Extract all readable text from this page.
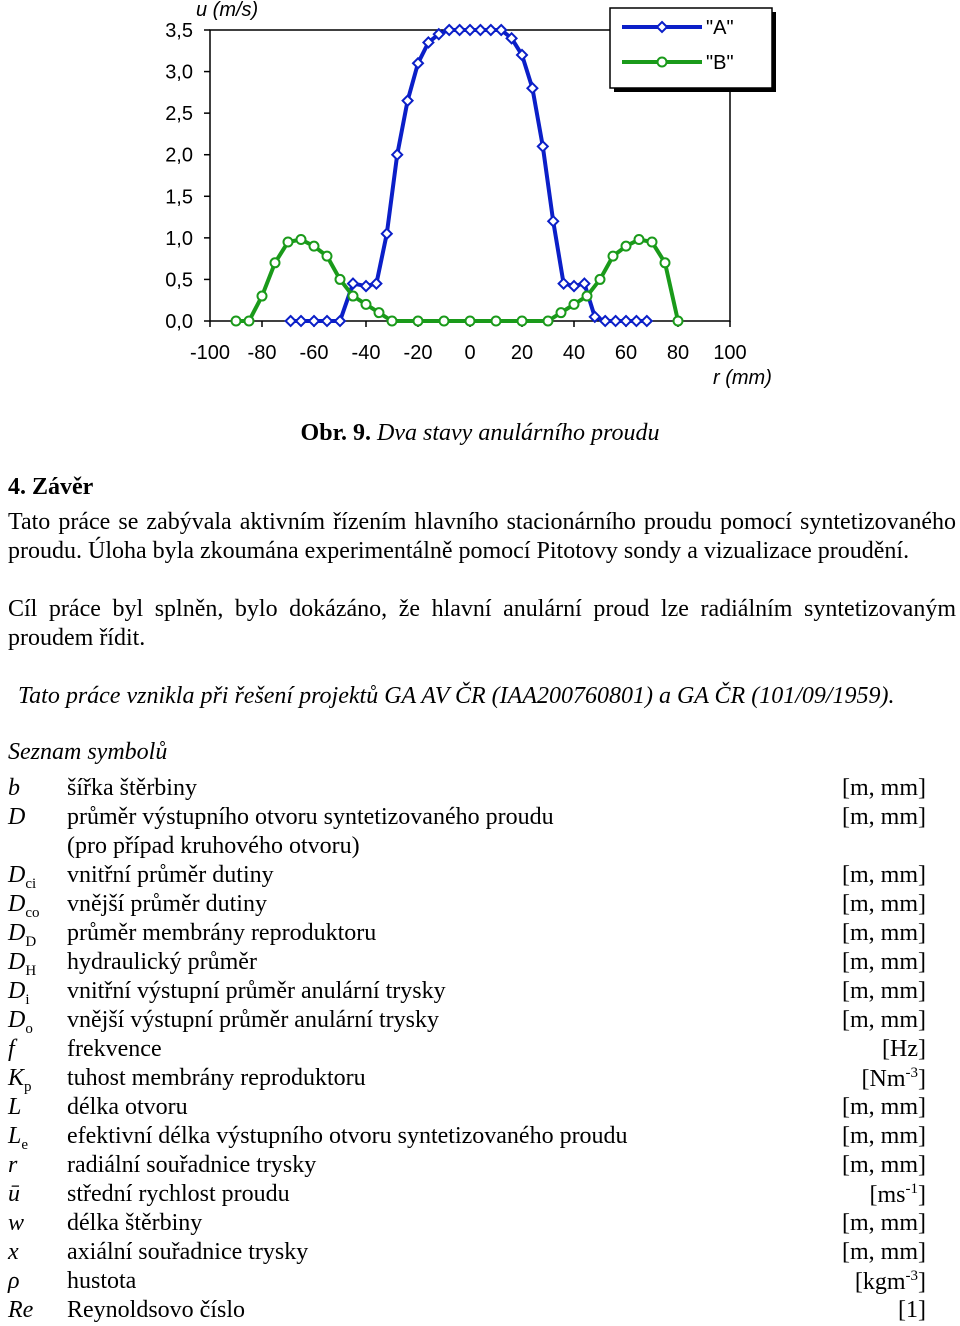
0,0
0,5
1,0
1,5
2,0
2,5
3,0
3,5
-100 -80 -60 -40 -20 0 20 40 60 80 100
u (m/s)
r (mm)
"A"
"B"
Obr. 9. Dva stavy anulárního proudu
4. Závěr
Tato práce se zabývala aktivním řízením hlavního stacionárního proudu pomocí syntetizovaného proudu. Úloha byla zkoumána experimentálně pomocí Pitotovy sondy a vizualizace proudění.
Cíl práce byl splněn, bylo dokázáno, že hlavní anulární proud lze radiálním syntetizovaným proudem řídit.
Tato práce vznikla při řešení projektů GA AV ČR (IAA200760801) a GA ČR (101/09/1959).
Seznam symbolů
b šířka štěrbiny	[m, mm]
D průměr výstupního otvoru syntetizovaného proudu	[m, mm]
(pro případ kruhového otvoru)
$D_{ci}$ vnitřní průměr dutiny	[m, mm]
$D_{co}$ vnější průměr dutiny	[m, mm]
$D_D$ průměr membrány reproduktoru	[m, mm]
$D_H$ hydraulický průměr	[m, mm]
$D_i$ vnitřní výstupní průměr anulární trysky	[m, mm]
$D_o$ vnější výstupní průměr anulární trysky	[m, mm]
f frekvence	[Hz]
$K_p$ tuhost membrány reproduktoru	$[Nm^{-3}]$
L délka otvoru	[m, mm]
$L_e$ efektivní délka výstupního otvoru syntetizovaného proudu	[m, mm]
r radiální souřadnice trysky	[m, mm]
ū střední rychlost proudu	$[ms^{-1}]$
w délka štěrbiny	[m, mm]
x axiální souřadnice trysky	[m, mm]
ρ hustota	[kgm$^{-3}$]
Re Reynoldsovo číslo	[1]
